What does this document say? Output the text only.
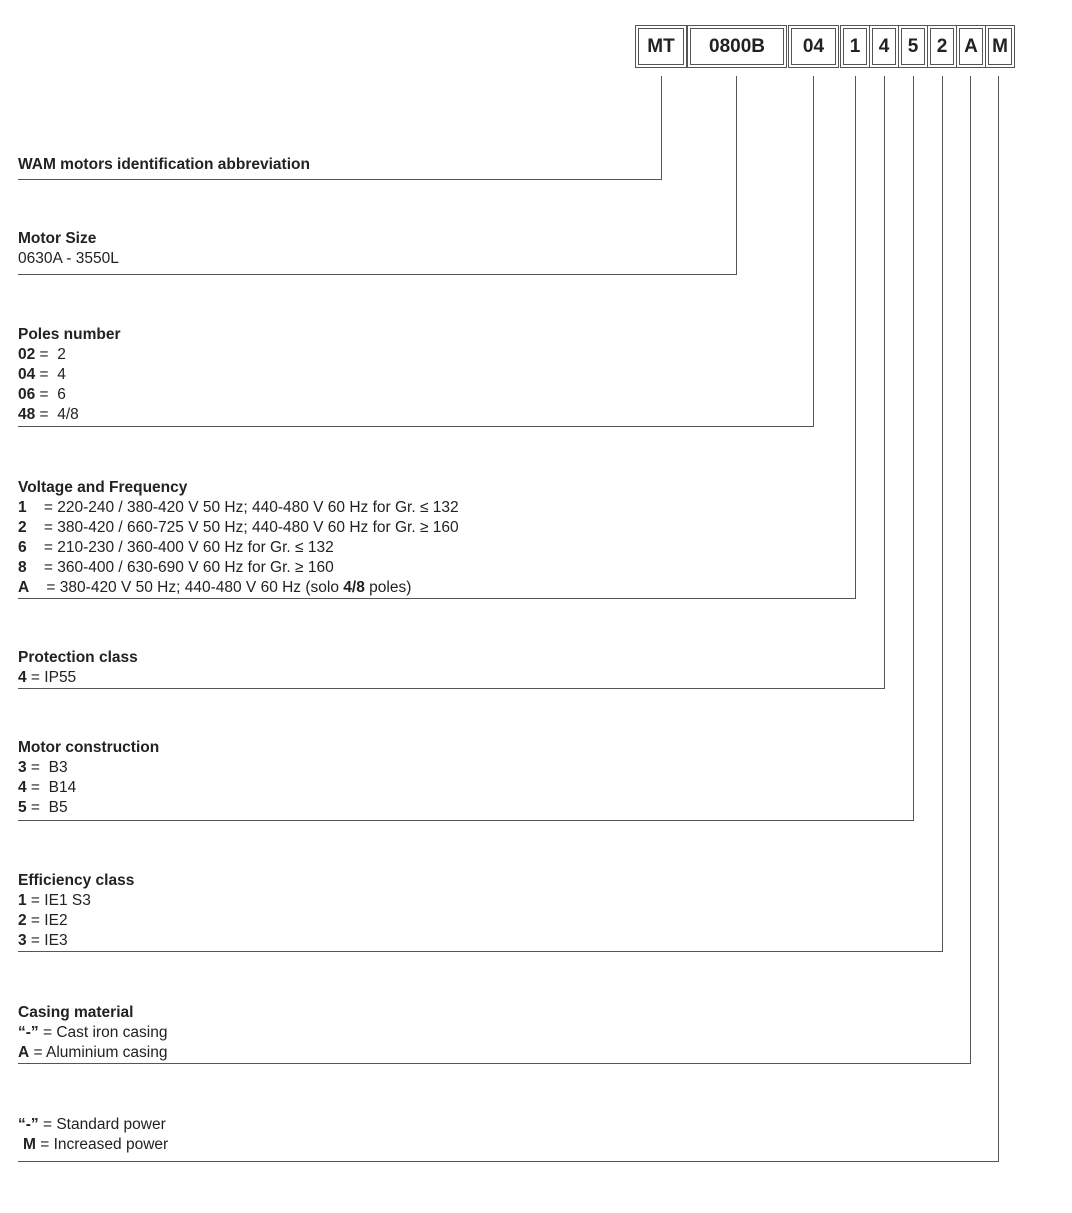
MT	0800B	04	1 4 5 2 A M
WAM motors identification abbreviation
Motor Size
0630A - 3550L
Poles number
02 =  2
04 =  4
06 =  6
48 =  4/8
Voltage and Frequency
1    = 220-240 / 380-420 V 50 Hz; 440-480 V 60 Hz for Gr. ≤ 132
2    = 380-420 / 660-725 V 50 Hz; 440-480 V 60 Hz for Gr. ≥ 160
6    = 210-230 / 360-400 V 60 Hz for Gr. ≤ 132
8    = 360-400 / 630-690 V 60 Hz for Gr. ≥ 160
A    = 380-420 V 50 Hz; 440-480 V 60 Hz (solo 4/8 poles)
Protection class
4 = IP55
Motor construction
3 =  B3
4 =  B14
5 =  B5
Efficiency class
1 = IE1 S3
2 = IE2
3 = IE3
Casing material
“-” = Cast iron casing
A = Aluminium casing
“-” = Standard power
M = Increased power
